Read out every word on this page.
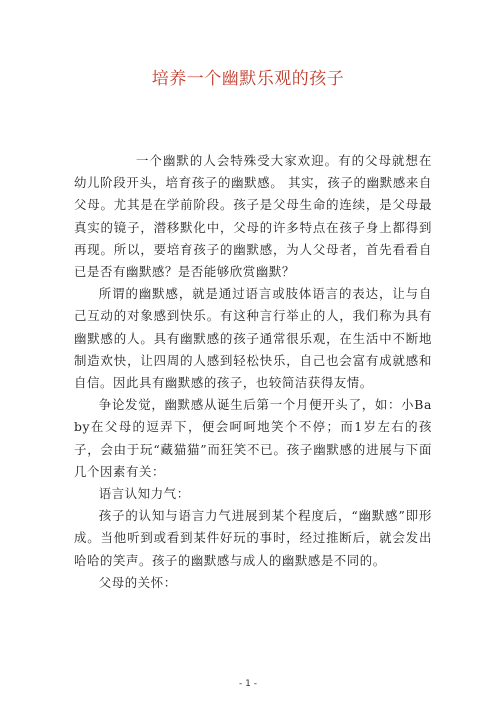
培养一个幽默乐观的孩子

一个幽默的人会特殊受大家欢迎。有的父母就想在幼儿阶段开头，培育孩子的幽默感。 其实，孩子的幽默感来自父母。尤其是在学前阶段。孩子是父母生命的连续，是父母最真实的镜子，潜移默化中，父母的许多特点在孩子身上都得到再现。所以，要培育孩子的幽默感，为人父母者，首先看看自已是否有幽默感？是否能够欣赏幽默？

所谓的幽默感，就是通过语言或肢体语言的表达，让与自己互动的对象感到快乐。有这种言行举止的人，我们称为具有幽默感的人。具有幽默感的孩子通常很乐观，在生活中不断地制造欢快，让四周的人感到轻松快乐，自己也会富有成就感和自信。因此具有幽默感的孩子，也较简洁获得友情。

争论发觉，幽默感从诞生后第一个月便开头了，如：小Baby在父母的逗弄下，便会呵呵地笑个不停；而1岁左右的孩子，会由于玩“藏猫猫”而狂笑不已。孩子幽默感的进展与下面几个因素有关：

语言认知力气：

孩子的认知与语言力气进展到某个程度后，“幽默感”即形成。当他听到或看到某件好玩的事时，经过推断后，就会发出哈哈的笑声。孩子的幽默感与成人的幽默感是不同的。

父母的关怀：

- 1 -
